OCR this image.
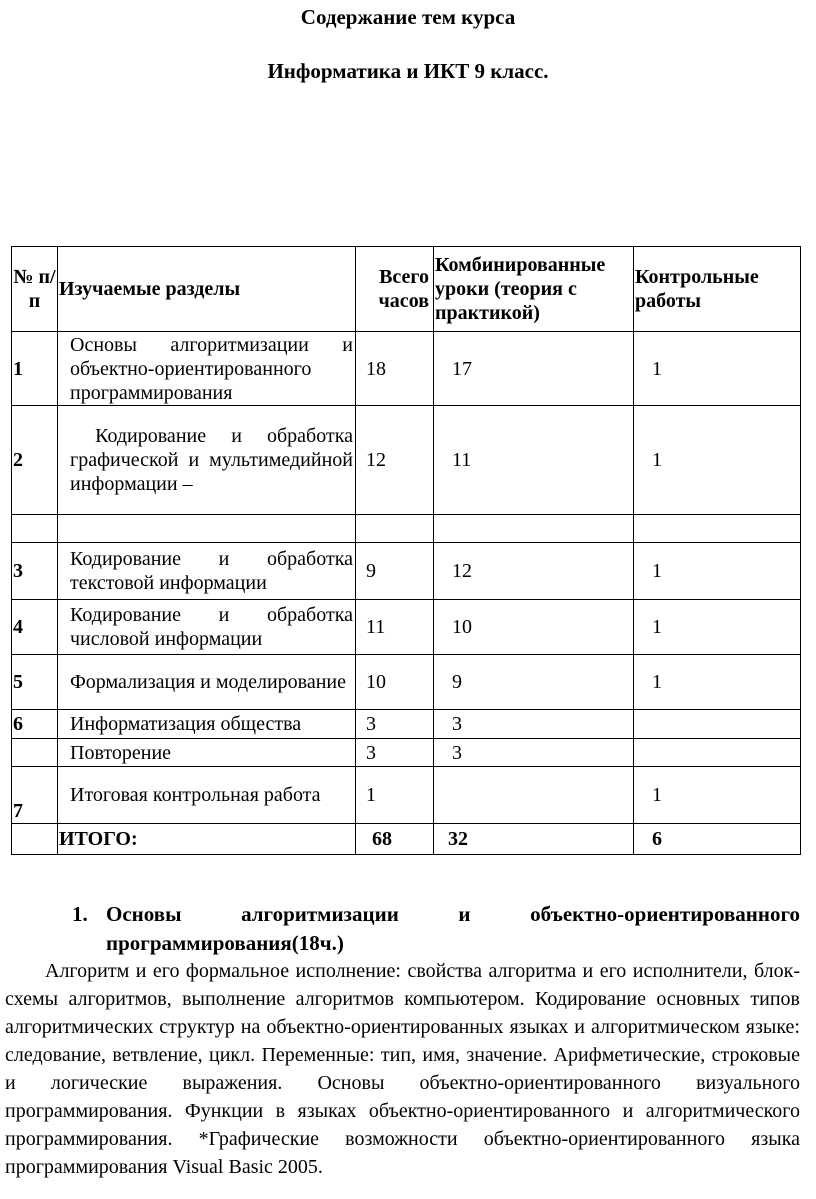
Содержание тем курса
Информатика и ИКТ 9 класс.
№ п/п	Изучаемые разделы	Всего часов	Комбинированные уроки (теория с практикой)	Контрольные работы
1	Основы алгоритмизации и объектно-ориентированного программирования	18	17	1
2	Кодирование и обработка графической и мультимедийной информации –	12	11	1

3	Кодирование и обработка текстовой информации	9	12	1
4	Кодирование и обработка числовой информации	11	10	1
5	Формализация и моделирование	10	9	1
6	Информатизация общества	3	3	
	Повторение	3	3	
7	Итоговая контрольная работа	1		1
	ИТОГО:	68	32	6
1. Основы алгоритмизации и объектно-ориентированного
программирования(18ч.)
Алгоритм и его формальное исполнение: свойства алгоритма и его исполнители, блок-схемы алгоритмов, выполнение алгоритмов компьютером. Кодирование основных типов алгоритмических структур на объектно-ориентированных языках и алгоритмическом языке: следование, ветвление, цикл. Переменные: тип, имя, значение. Арифметические, строковые и логические выражения. Основы объектно-ориентированного визуального программирования. Функции в языках объектно-ориентированного и алгоритмического программирования. *Графические возможности объектно-ориентированного языка программирования Visual Basic 2005.
